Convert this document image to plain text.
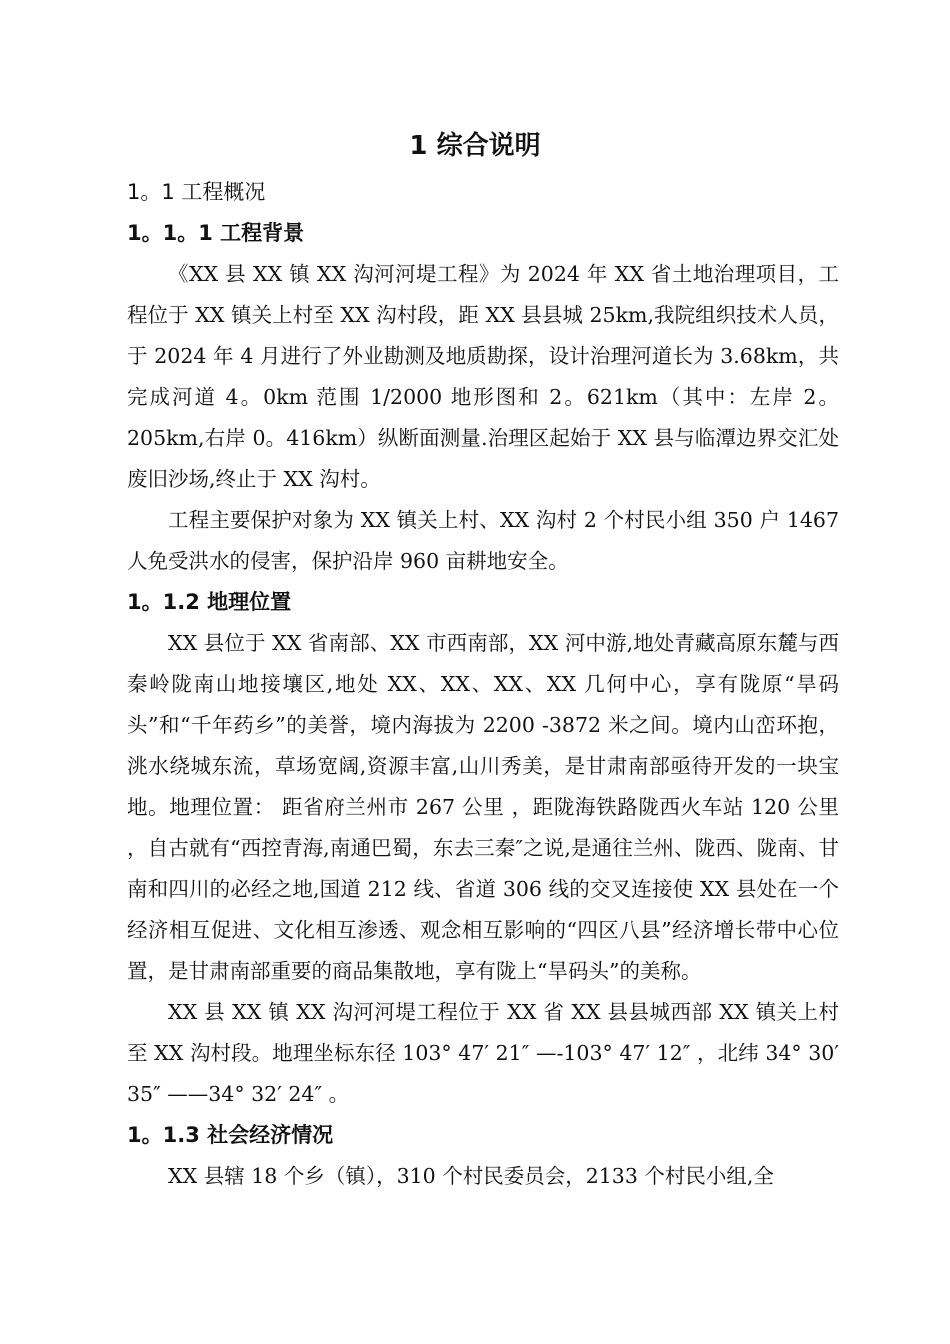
1 综合说明
1。1 工程概况
1。1。1 工程背景

《XX 县 XX 镇 XX 沟河河堤工程》为 2024 年 XX 省土地治理项目，工程位于 XX 镇关上村至 XX 沟村段，距 XX 县县城 25km,我院组织技术人员，于 2024 年 4 月进行了外业勘测及地质勘探，设计治理河道长为 3.68km，共完成河道 4。0km 范围 1/2000 地形图和 2。621km（其中：左岸 2。205km,右岸 0。416km）纵断面测量.治理区起始于 XX 县与临潭边界交汇处废旧沙场,终止于 XX 沟村。

工程主要保护对象为 XX 镇关上村、XX 沟村 2 个村民小组 350 户 1467 人免受洪水的侵害，保护沿岸 960 亩耕地安全。

1。1.2 地理位置

XX 县位于 XX 省南部、XX 市西南部，XX 河中游,地处青藏高原东麓与西秦岭陇南山地接壤区,地处 XX、XX、XX、XX 几何中心，享有陇原“旱码头”和“千年药乡”的美誉，境内海拔为 2200 -3872 米之间。境内山峦环抱，洮水绕城东流，草场宽阔,资源丰富,山川秀美，是甘肃南部亟待开发的一块宝地。地理位置： 距省府兰州市 267 公里 ，距陇海铁路陇西火车站 120 公里 ，自古就有“西控青海,南通巴蜀，东去三秦″之说,是通往兰州、陇西、陇南、甘南和四川的必经之地,国道 212 线、省道 306 线的交叉连接使 XX 县处在一个经济相互促进、文化相互渗透、观念相互影响的“四区八县”经济增长带中心位置，是甘肃南部重要的商品集散地，享有陇上“旱码头”的美称。

XX 县 XX 镇 XX 沟河河堤工程位于 XX 省 XX 县县城西部 XX 镇关上村至 XX 沟村段。地理坐标东径 103° 47′ 21″ —-103° 47′ 12″ ，北纬 34° 30′ 35″ ——34° 32′ 24″ 。

1。1.3 社会经济情况

XX 县辖 18 个乡（镇），310 个村民委员会，2133 个村民小组,全
